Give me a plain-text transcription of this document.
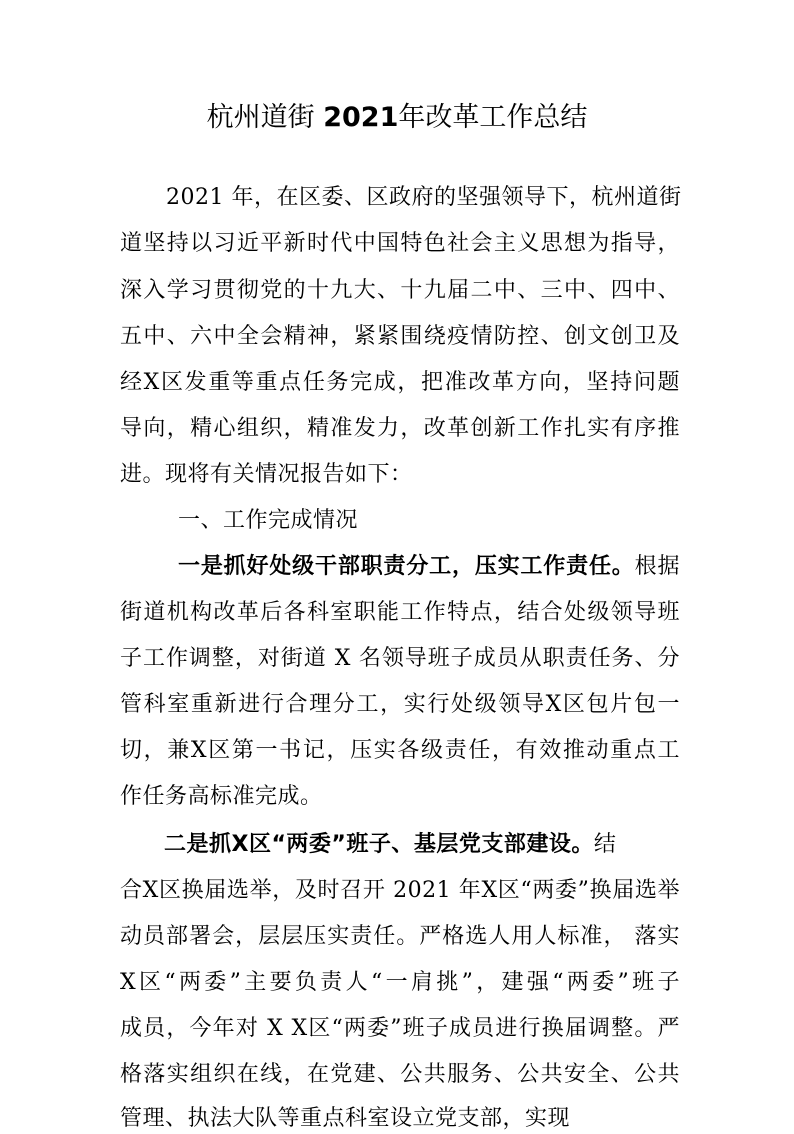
杭州道街 2021年改革工作总结
2021 年，在区委、区政府的坚强领导下，杭州道街
道坚持以习近平新时代中国特色社会主义思想为指导，
深入学习贯彻党的十九大、十九届二中、三中、四中、
五中、六中全会精神，紧紧围绕疫情防控、创文创卫及
经X区发重等重点任务完成，把准改革方向，坚持问题
导向，精心组织，精准发力，改革创新工作扎实有序推
进。现将有关情况报告如下：
一、工作完成情况
一是抓好处级干部职责分工，压实工作责任。根据
街道机构改革后各科室职能工作特点，结合处级领导班
子工作调整，对街道 X 名领导班子成员从职责任务、分
管科室重新进行合理分工，实行处级领导X区包片包一
切，兼X区第一书记，压实各级责任，有效推动重点工
作任务高标准完成。
二是抓X区“两委”班子、基层党支部建设。结
合X区换届选举，及时召开 2021 年X区“两委”换届选举
动员部署会，层层压实责任。严格选人用人标准， 落实
X区“两委”主要负责人“一肩挑”，建强“两委”班子
成员，今年对 X X区“两委”班子成员进行换届调整。严
格落实组织在线，在党建、公共服务、公共安全、公共
管理、执法大队等重点科室设立党支部，实现
